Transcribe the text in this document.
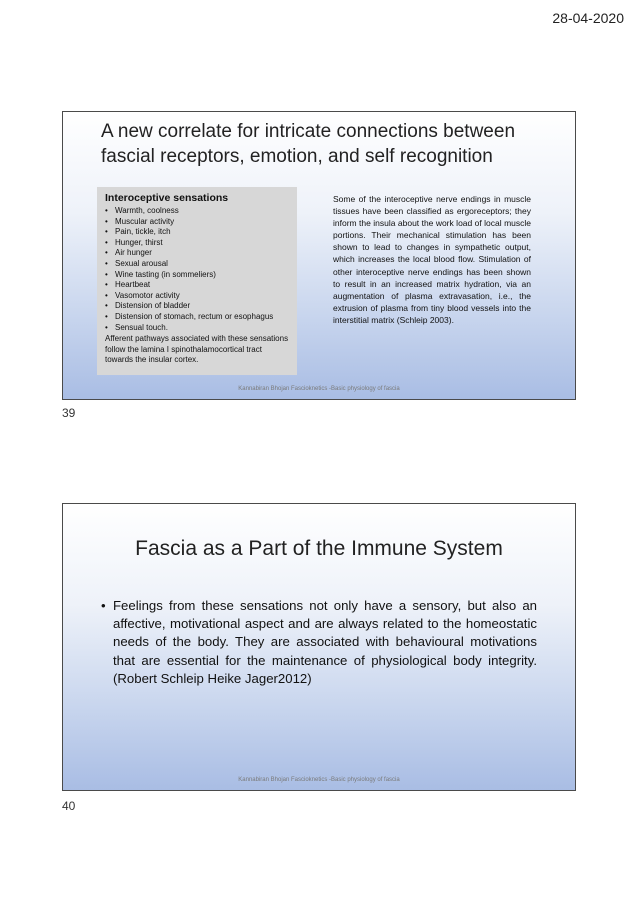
28-04-2020
A new correlate for intricate connections between fascial receptors, emotion, and self recognition
Interoceptive sensations
• Warmth, coolness
• Muscular activity
• Pain, tickle, itch
• Hunger, thirst
• Air hunger
• Sexual arousal
• Wine tasting (in sommeliers)
• Heartbeat
• Vasomotor activity
• Distension of bladder
• Distension of stomach, rectum or esophagus
• Sensual touch.
Afferent pathways associated with these sensations follow the lamina I spinothalamocortical tract towards the insular cortex.
Some of the interoceptive nerve endings in muscle tissues have been classified as ergoreceptors; they inform the insula about the work load of local muscle portions. Their mechanical stimulation has been shown to lead to changes in sympathetic output, which increases the local blood flow. Stimulation of other interoceptive nerve endings has been shown to result in an increased matrix hydration, via an augmentation of plasma extravasation, i.e., the extrusion of plasma from tiny blood vessels into the interstitial matrix (Schleip 2003).
Kannabiran Bhojan Fascioknetics -Basic physiology of fascia
39
Fascia as a Part of the Immune System
• Feelings from these sensations not only have a sensory, but also an affective, motivational aspect and are always related to the homeostatic needs of the body. They are associated with behavioural motivations that are essential for the maintenance of physiological body integrity. (Robert Schleip Heike Jager2012)
Kannabiran Bhojan Fascioknetics -Basic physiology of fascia
40
